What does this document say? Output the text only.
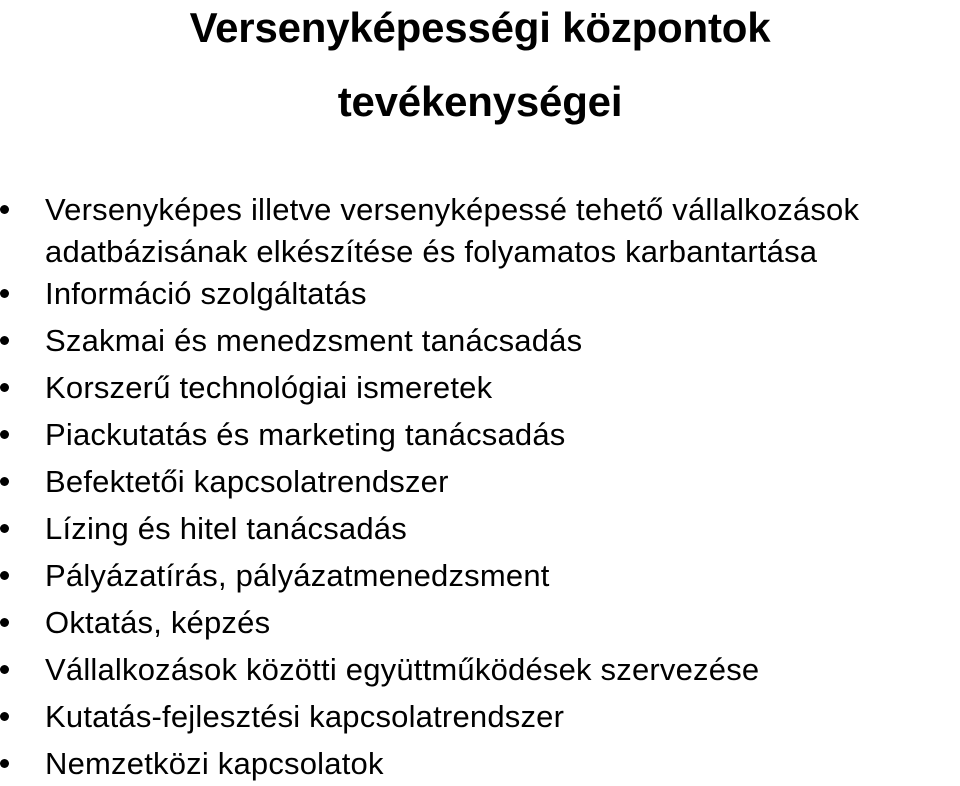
Versenyképességi központok
tevékenységei
Versenyképes illetve versenyképessé tehető vállalkozások
adatbázisának elkészítése és folyamatos karbantartása
Információ szolgáltatás
Szakmai és menedzsment tanácsadás
Korszerű technológiai ismeretek
Piackutatás és marketing tanácsadás
Befektetői kapcsolatrendszer
Lízing és hitel tanácsadás
Pályázatírás, pályázatmenedzsment
Oktatás, képzés
Vállalkozások közötti együttműködések szervezése
Kutatás-fejlesztési kapcsolatrendszer
Nemzetközi kapcsolatok
